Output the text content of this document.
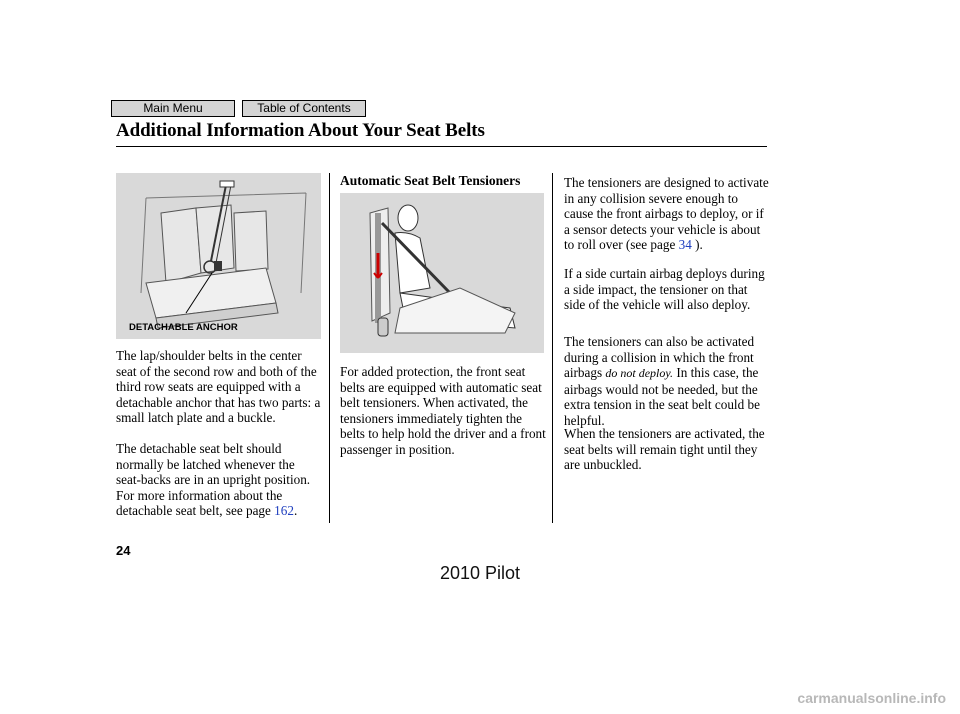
Main Menu	Table of Contents
Additional Information About Your Seat Belts
DETACHABLE ANCHOR
Automatic Seat Belt Tensioners

The lap/shoulder belts in the center seat of the second row and both of the third row seats are equipped with a detachable anchor that has two parts: a small latch plate and a buckle.

The detachable seat belt should normally be latched whenever the seat-backs are in an upright position. For more information about the detachable seat belt, see page 162.

For added protection, the front seat belts are equipped with automatic seat belt tensioners. When activated, the tensioners immediately tighten the belts to help hold the driver and a front passenger in position.

The tensioners are designed to activate in any collision severe enough to cause the front airbags to deploy, or if a sensor detects your vehicle is about to roll over (see page 34 ).

If a side curtain airbag deploys during a side impact, the tensioner on that side of the vehicle will also deploy.

The tensioners can also be activated during a collision in which the front airbags do not deploy. In this case, the airbags would not be needed, but the extra tension in the seat belt could be helpful.

When the tensioners are activated, the seat belts will remain tight until they are unbuckled.

24
2010 Pilot
carmanualsonline.info
